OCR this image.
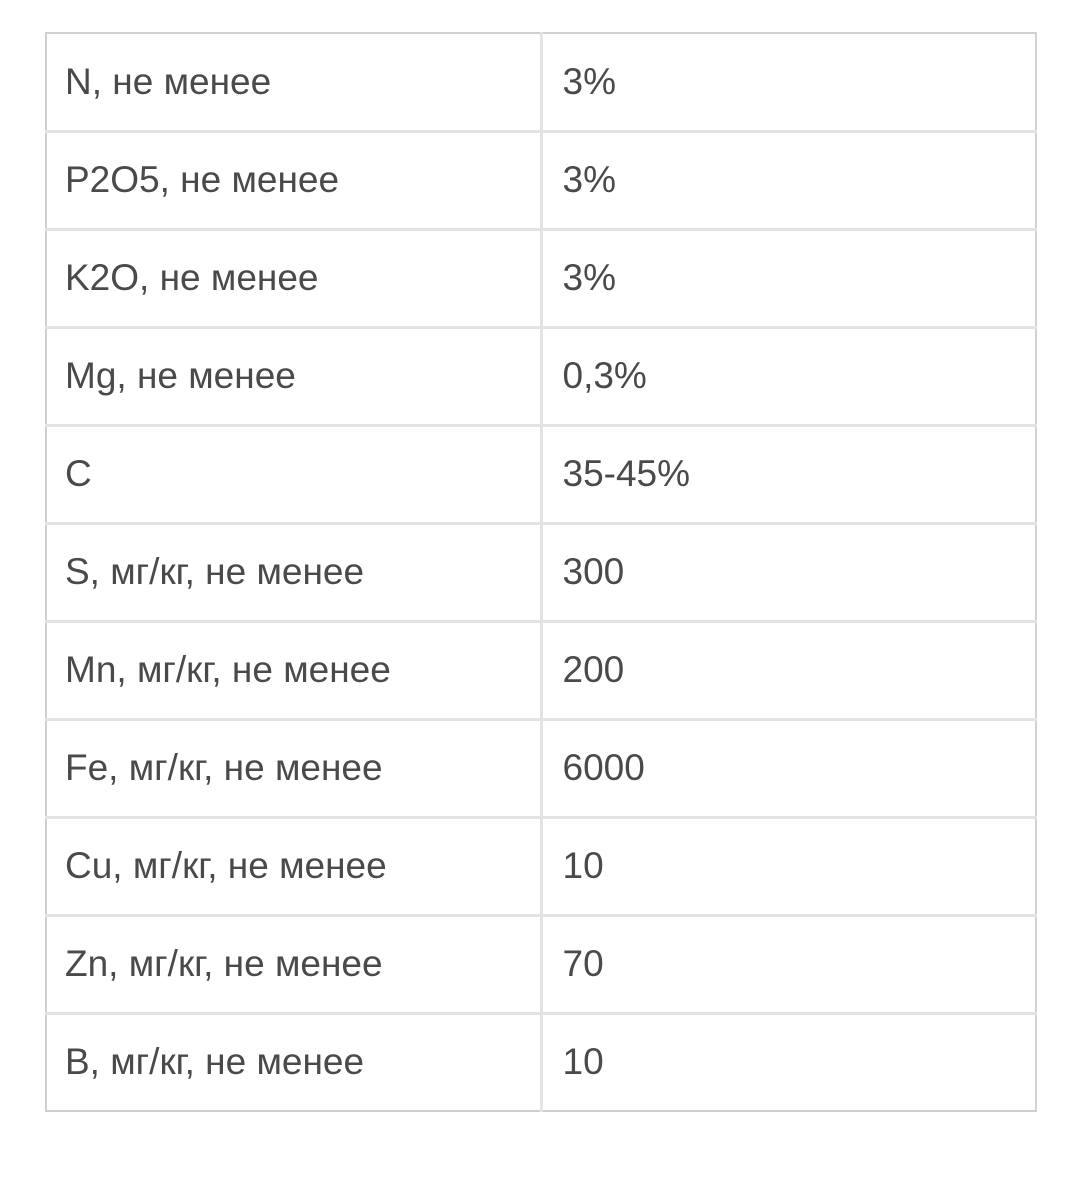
N, не менее	3%
P2O5, не менее	3%
K2O, не менее	3%
Mg, не менее	0,3%
C	35-45%
S, мг/кг, не менее	300
Mn, мг/кг, не менее	200
Fe, мг/кг, не менее	6000
Cu, мг/кг, не менее	10
Zn, мг/кг, не менее	70
B, мг/кг, не менее	10
